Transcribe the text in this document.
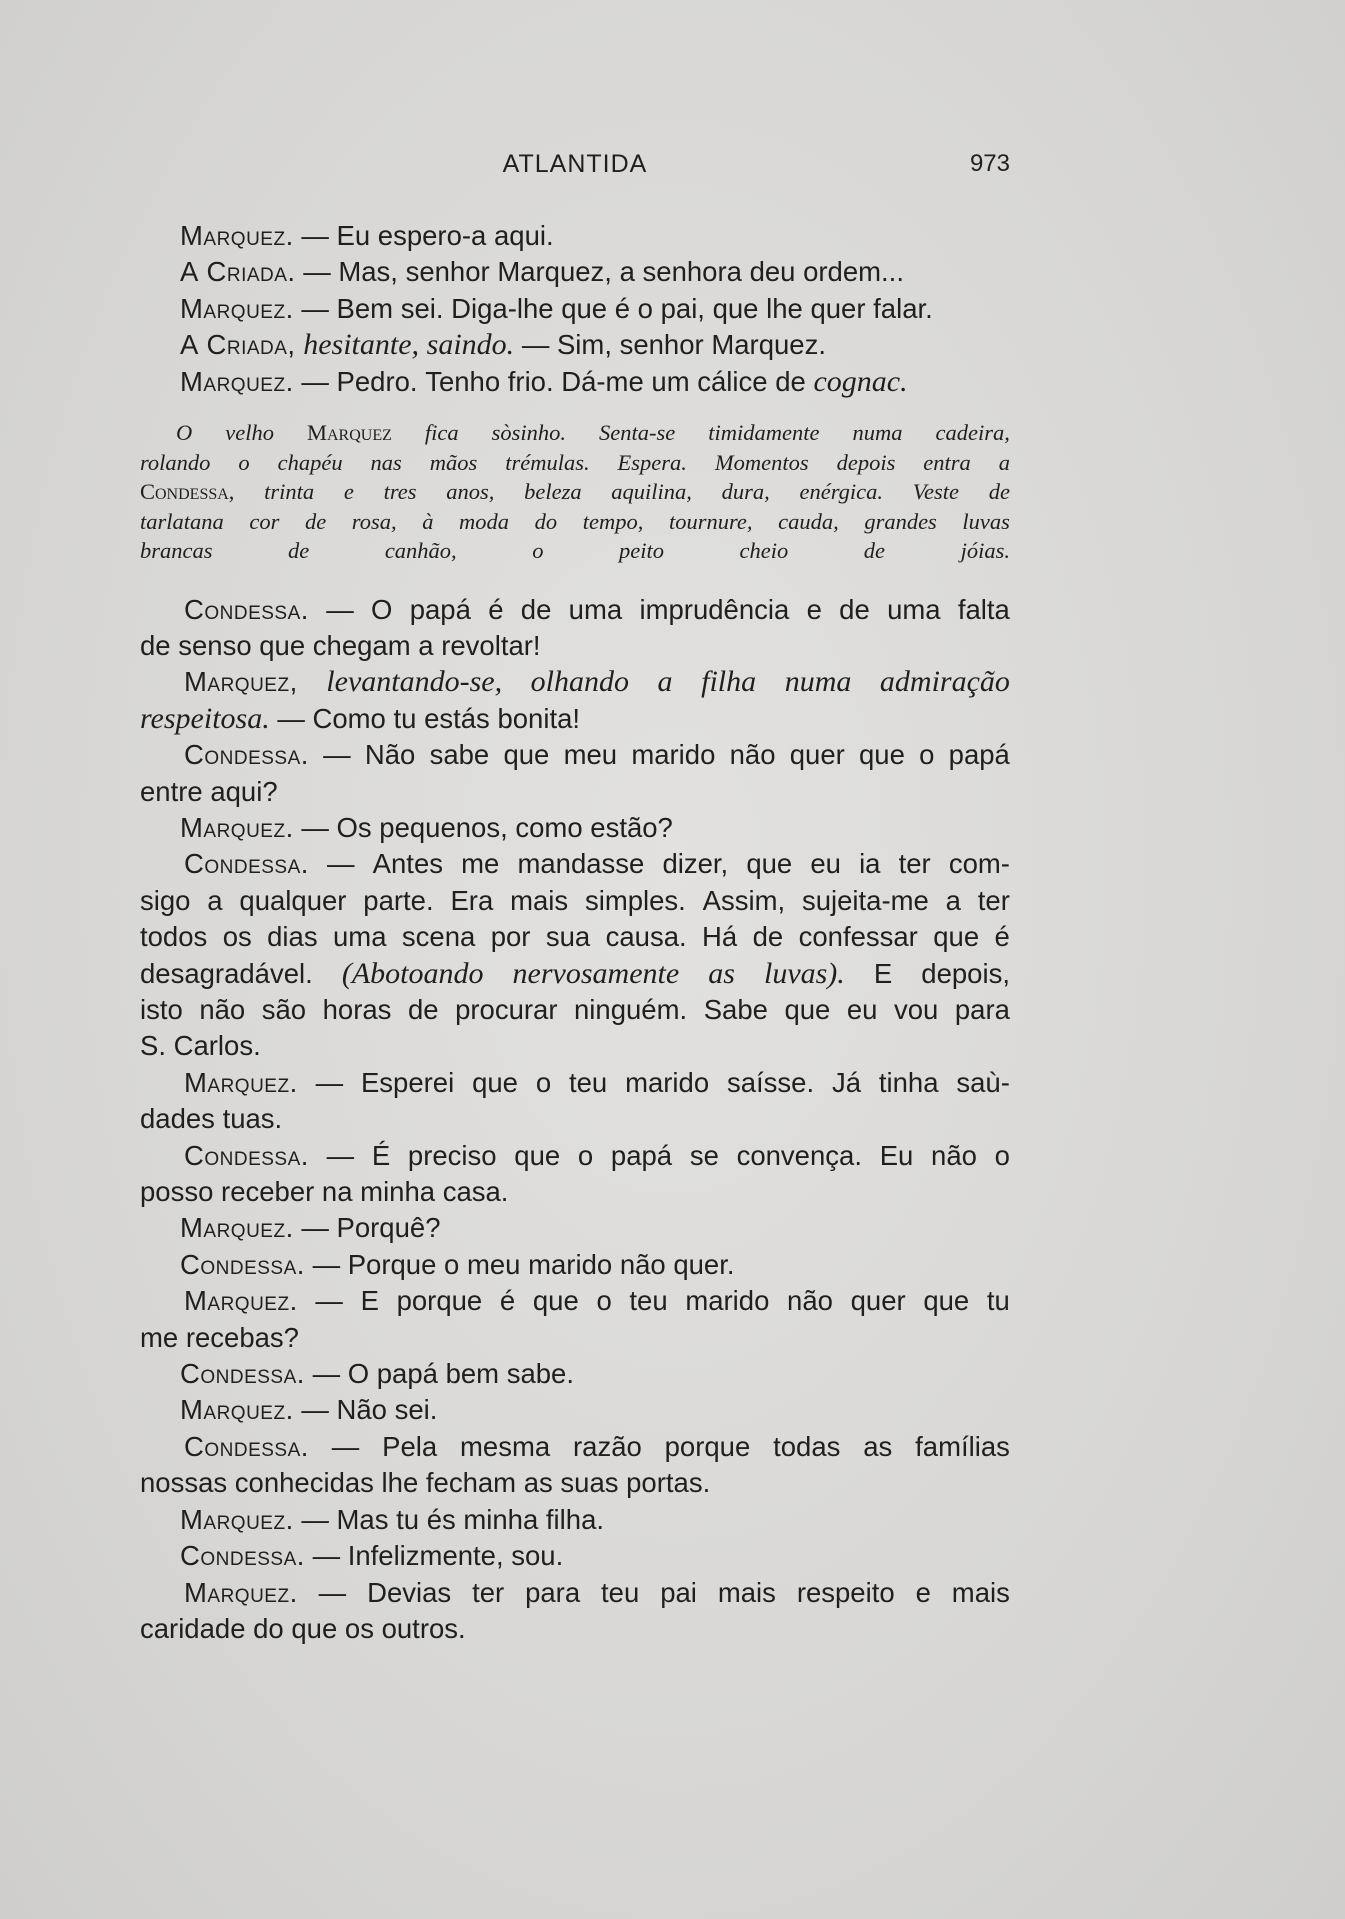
ATLANTIDA	973
Marquez.
—
Eu
espero-a
aqui.
A
Criada.
—
Mas,
senhor
Marquez,
a
senhora
deu
ordem...
Marquez.
—
Bem
sei.
Diga-lhe
que
é
o
pai,
que
lhe
quer
falar.
A
Criada,
hesitante,
saindo.
—
Sim,
senhor
Marquez.
Marquez.
—
Pedro.
Tenho
frio.
Dá-me
um
cálice
de
cognac.
O
velho
Marquez
fica
sòsinho.
Senta-se
timidamente
numa
cadeira,
rolando o chapéu nas mãos trémulas. Espera. Momentos depois entra a
Condessa, trinta e tres anos, beleza aquilina, dura, enérgica. Veste de
tarlatana cor de rosa, à moda do tempo, tournure, cauda, grandes luvas
brancas
	de
	canhão,
	o
	peito
	cheio
	de
	jóias.
Condessa. — O papá é de uma imprudência e de uma falta
de
senso
que
chegam
a
revoltar!
Marquez, levantando-se, olhando a filha numa admiração
respeitosa.
—
Como
tu
estás
bonita!
Condessa. — Não sabe que meu marido não quer que o papá
entre
aqui?
Marquez.
—
Os
pequenos,
como
estão?
Condessa. — Antes me mandasse dizer, que eu ia ter com-
sigo a qualquer parte. Era mais simples. Assim, sujeita-me a ter
todos os dias uma scena por sua causa. Há de confessar que é
desagradável. (Abotoando nervosamente as luvas). E depois,
isto não são horas de procurar ninguém. Sabe que eu vou para
S.
Carlos.
Marquez. — Esperei que o teu marido saísse. Já tinha saù-
dades
tuas.
Condessa. — É preciso que o papá se convença. Eu não o
posso
receber
na
minha
casa.
Marquez.
—
Porquê?
Condessa.
—
Porque
o
meu
marido
não
quer.
Marquez. — E porque é que o teu marido não quer que tu
me
recebas?
Condessa.
—
O
papá
bem
sabe.
Marquez.
—
Não
sei.
Condessa. — Pela mesma razão porque todas as famílias
nossas
conhecidas
lhe
fecham
as
suas
portas.
Marquez.
—
Mas
tu
és
minha
filha.
Condessa.
—
Infelizmente,
sou.
Marquez. — Devias ter para teu pai mais respeito e mais
caridade
do
que
os
outros.
